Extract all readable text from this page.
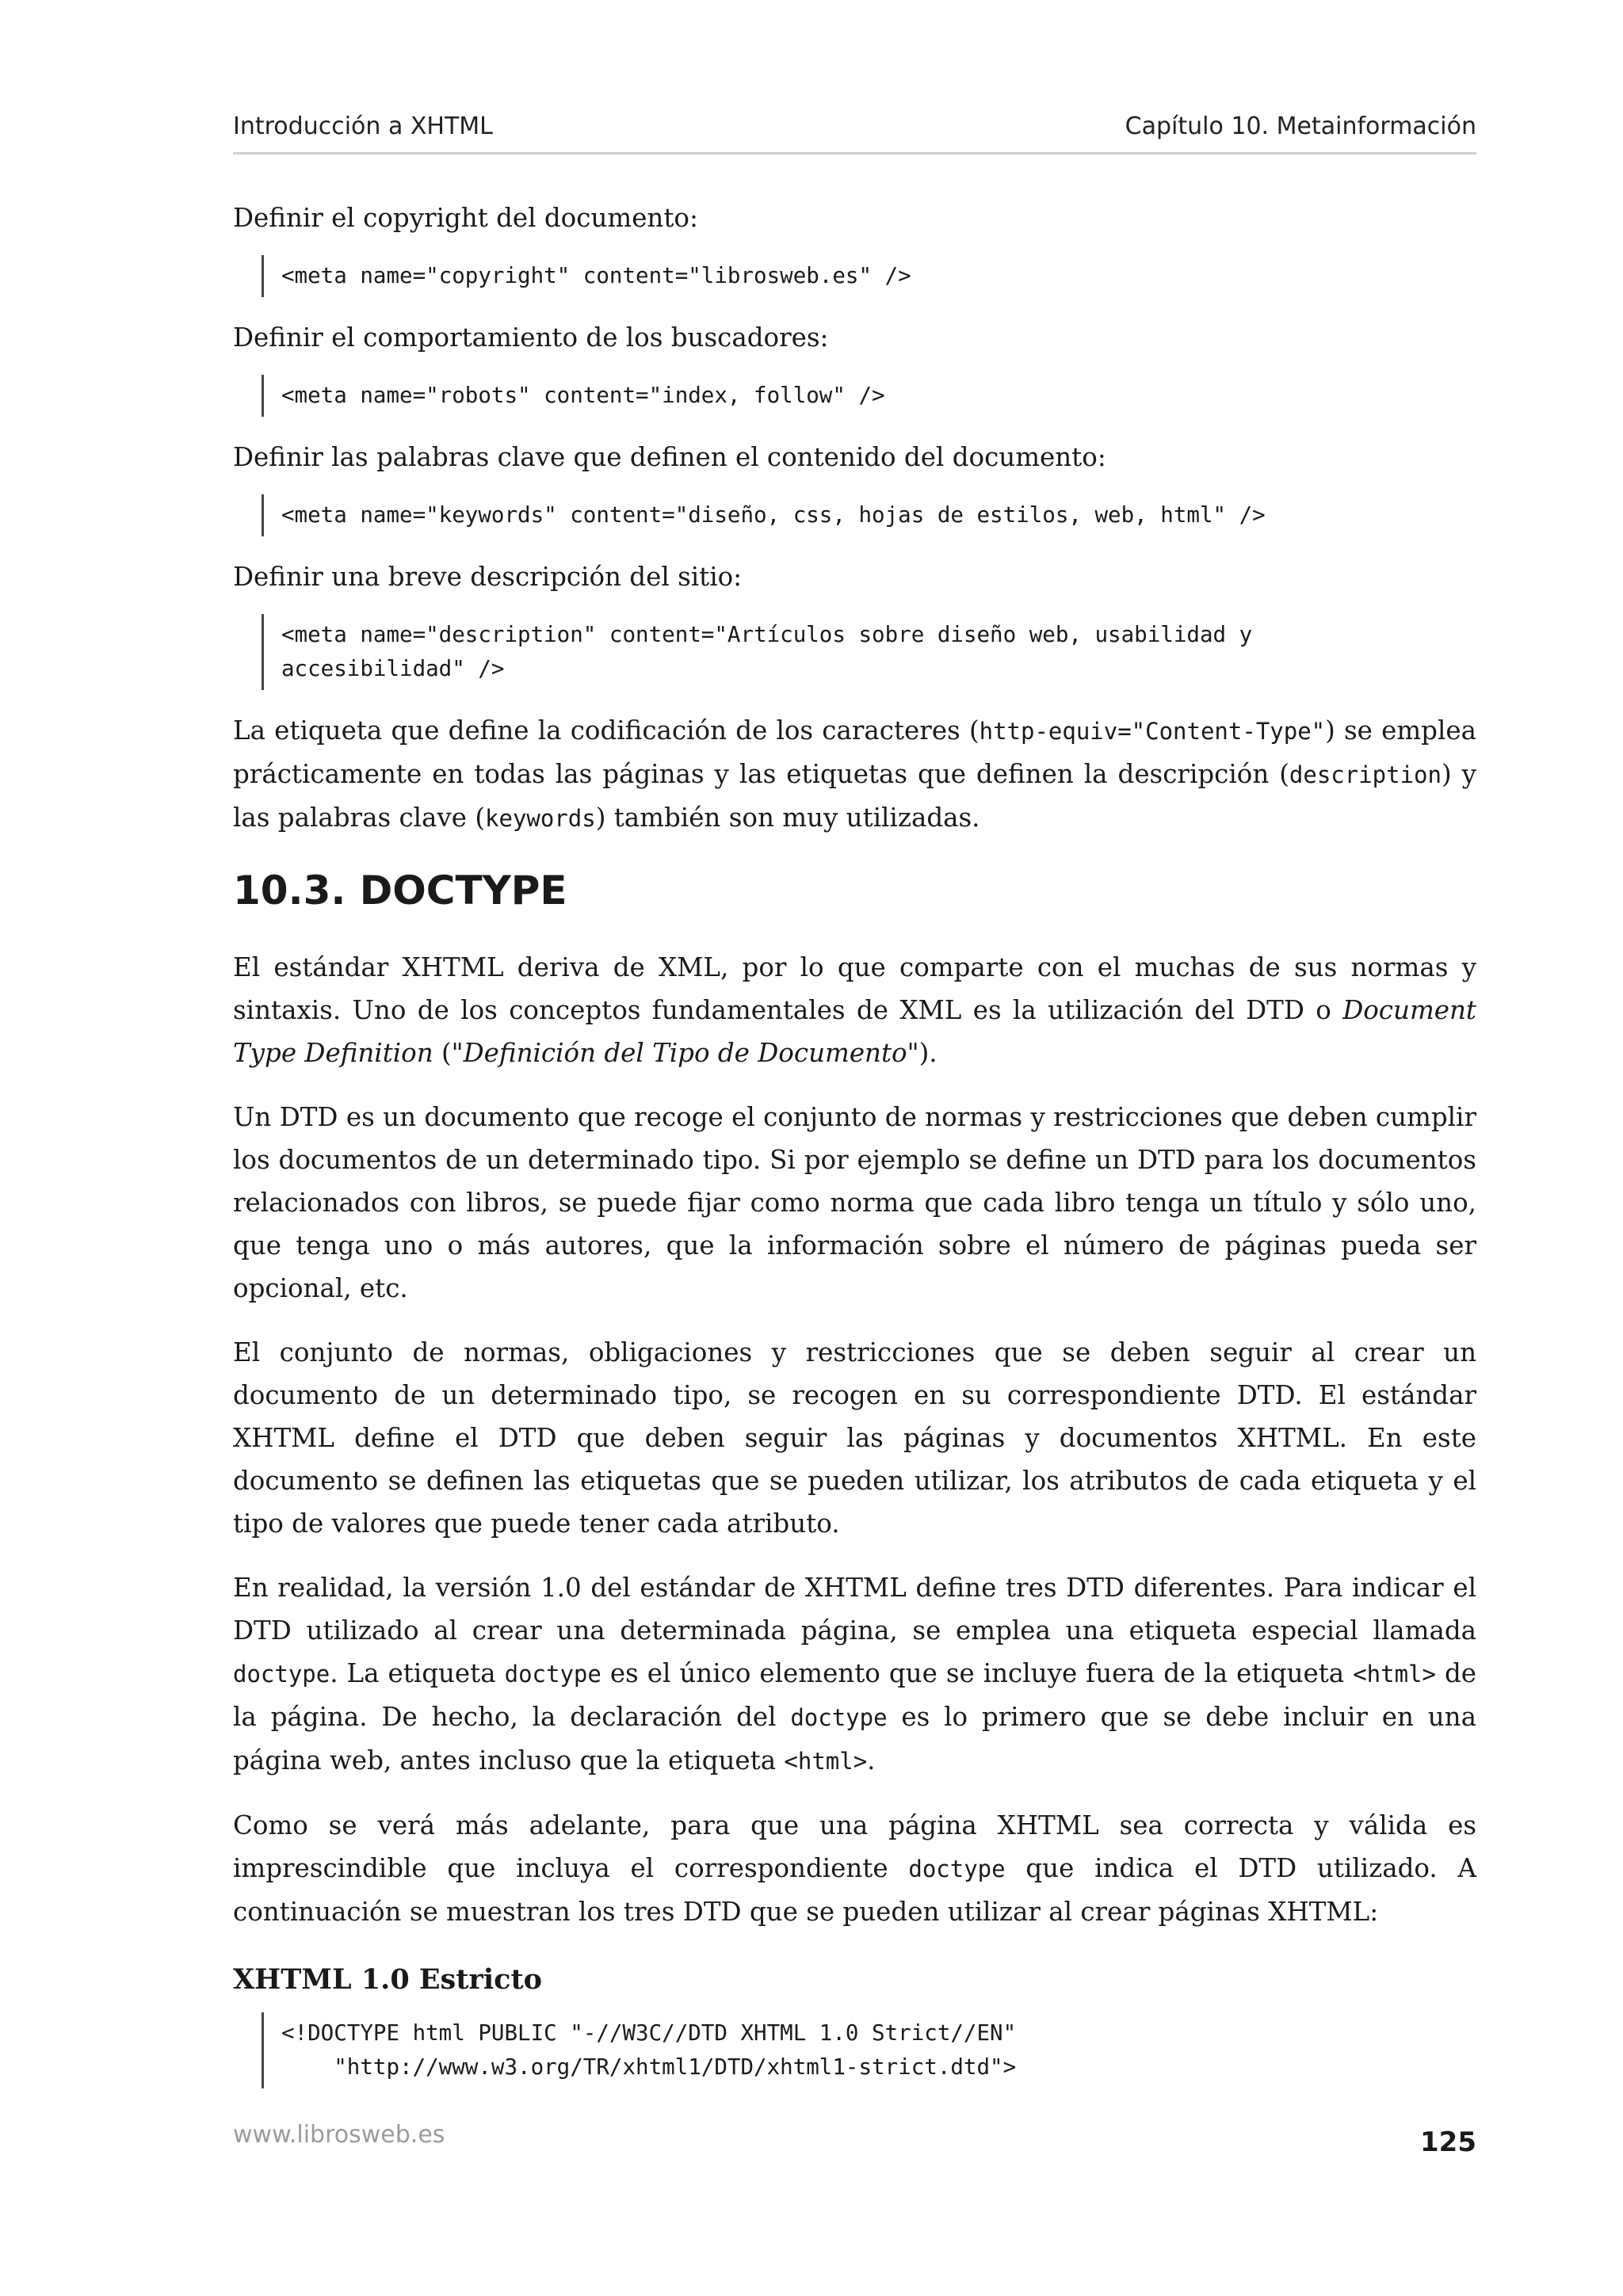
Introducción a XHTML	Capítulo 10. Metainformación

Definir el copyright del documento:

<meta name="copyright" content="librosweb.es" />

Definir el comportamiento de los buscadores:

<meta name="robots" content="index, follow" />

Definir las palabras clave que definen el contenido del documento:

<meta name="keywords" content="diseño, css, hojas de estilos, web, html" />

Definir una breve descripción del sitio:

<meta name="description" content="Artículos sobre diseño web, usabilidad y
accesibilidad" />

La etiqueta que define la codificación de los caracteres (http-equiv="Content-Type") se emplea prácticamente en todas las páginas y las etiquetas que definen la descripción (description) y las palabras clave (keywords) también son muy utilizadas.

10.3. DOCTYPE

El estándar XHTML deriva de XML, por lo que comparte con el muchas de sus normas y sintaxis. Uno de los conceptos fundamentales de XML es la utilización del DTD o Document Type Definition ("Definición del Tipo de Documento").

Un DTD es un documento que recoge el conjunto de normas y restricciones que deben cumplir los documentos de un determinado tipo. Si por ejemplo se define un DTD para los documentos relacionados con libros, se puede fijar como norma que cada libro tenga un título y sólo uno, que tenga uno o más autores, que la información sobre el número de páginas pueda ser opcional, etc.

El conjunto de normas, obligaciones y restricciones que se deben seguir al crear un documento de un determinado tipo, se recogen en su correspondiente DTD. El estándar XHTML define el DTD que deben seguir las páginas y documentos XHTML. En este documento se definen las etiquetas que se pueden utilizar, los atributos de cada etiqueta y el tipo de valores que puede tener cada atributo.

En realidad, la versión 1.0 del estándar de XHTML define tres DTD diferentes. Para indicar el DTD utilizado al crear una determinada página, se emplea una etiqueta especial llamada doctype. La etiqueta doctype es el único elemento que se incluye fuera de la etiqueta <html> de la página. De hecho, la declaración del doctype es lo primero que se debe incluir en una página web, antes incluso que la etiqueta <html>.

Como se verá más adelante, para que una página XHTML sea correcta y válida es imprescindible que incluya el correspondiente doctype que indica el DTD utilizado. A continuación se muestran los tres DTD que se pueden utilizar al crear páginas XHTML:

XHTML 1.0 Estricto
<!DOCTYPE html PUBLIC "-//W3C//DTD XHTML 1.0 Strict//EN"
"http://www.w3.org/TR/xhtml1/DTD/xhtml1-strict.dtd">
www.librosweb.es	125
